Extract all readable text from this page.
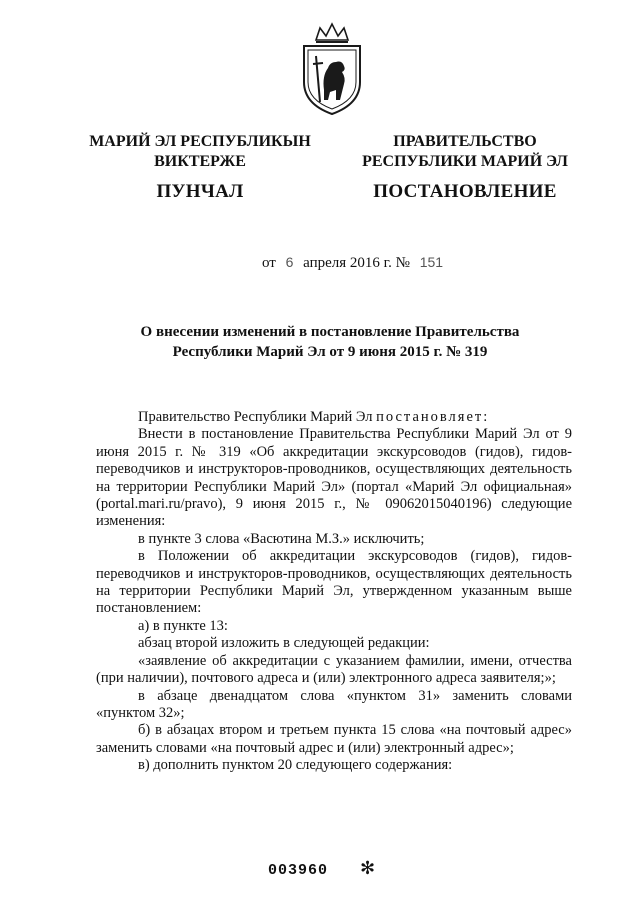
МАРИЙ ЭЛ РЕСПУБЛИКЫН
ВИКТЕРЖЕ
ПУНЧАЛ
ПРАВИТЕЛЬСТВО
РЕСПУБЛИКИ МАРИЙ ЭЛ
ПОСТАНОВЛЕНИЕ
от 6 апреля 2016 г. № 151
О внесении изменений в постановление Правительства
Республики Марий Эл от 9 июня 2015 г. № 319

Правительство Республики Марий Эл постановляет:

Внести в постановление Правительства Республики Марий Эл от 9 июня 2015 г. № 319 «Об аккредитации экскурсоводов (гидов), гидов-переводчиков и инструкторов-проводников, осуществляющих деятельность на территории Республики Марий Эл» (портал «Марий Эл официальная» (portal.mari.ru/pravo), 9 июня 2015 г., № 09062015040196) следующие изменения:

в пункте 3 слова «Васютина М.З.» исключить;

в Положении об аккредитации экскурсоводов (гидов), гидов-переводчиков и инструкторов-проводников, осуществляющих деятельность на территории Республики Марий Эл, утвержденном указанным выше постановлением:

а) в пункте 13:

абзац второй изложить в следующей редакции:

«заявление об аккредитации с указанием фамилии, имени, отчества (при наличии), почтового адреса и (или) электронного адреса заявителя;»;

в абзаце двенадцатом слова «пунктом 31» заменить словами «пунктом 32»;

б) в абзацах втором и третьем пункта 15 слова «на почтовый адрес» заменить словами «на почтовый адрес и (или) электронный адрес»;

в) дополнить пунктом 20 следующего содержания:

003960 ✻
